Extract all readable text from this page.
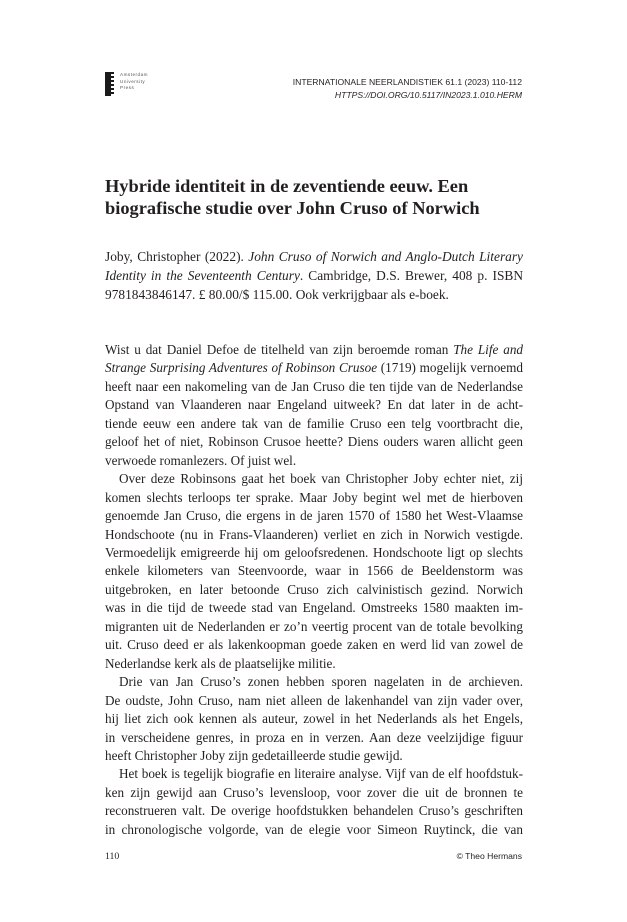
Amsterdam
University
Press
INTERNATIONALE NEERLANDISTIEK 61.1 (2023) 110-112
HTTPS://DOI.ORG/10.5117/IN2023.1.010.HERM
Hybride identiteit in de zeventiende eeuw. Een
biografische studie over John Cruso of Norwich

Joby, Christopher (2022). John Cruso of Norwich and Anglo-Dutch Literary
Identity in the Seventeenth Century. Cambridge, D.S. Brewer, 408 p. ISBN
9781843846147. £ 80.00/$ 115.00. Ook verkrijgbaar als e-boek.

Wist u dat Daniel Defoe de titelheld van zijn beroemde roman The Life and
Strange Surprising Adventures of Robinson Crusoe (1719) mogelijk vernoemd
heeft naar een nakomeling van de Jan Cruso die ten tijde van de Nederlandse
Opstand van Vlaanderen naar Engeland uitweek? En dat later in de acht-
tiende eeuw een andere tak van de familie Cruso een telg voortbracht die,
geloof het of niet, Robinson Crusoe heette? Diens ouders waren allicht geen
verwoede romanlezers. Of juist wel.

Over deze Robinsons gaat het boek van Christopher Joby echter niet, zij
komen slechts terloops ter sprake. Maar Joby begint wel met de hierboven
genoemde Jan Cruso, die ergens in de jaren 1570 of 1580 het West-Vlaamse
Hondschoote (nu in Frans-Vlaanderen) verliet en zich in Norwich vestigde.
Vermoedelijk emigreerde hij om geloofsredenen. Hondschoote ligt op slechts
enkele kilometers van Steenvoorde, waar in 1566 de Beeldenstorm was
uitgebroken, en later betoonde Cruso zich calvinistisch gezind. Norwich
was in die tijd de tweede stad van Engeland. Omstreeks 1580 maakten im-
migranten uit de Nederlanden er zo’n veertig procent van de totale bevolking
uit. Cruso deed er als lakenkoopman goede zaken en werd lid van zowel de
Nederlandse kerk als de plaatselijke militie.

Drie van Jan Cruso’s zonen hebben sporen nagelaten in de archieven.
De oudste, John Cruso, nam niet alleen de lakenhandel van zijn vader over,
hij liet zich ook kennen als auteur, zowel in het Nederlands als het Engels,
in verscheidene genres, in proza en in verzen. Aan deze veelzijdige figuur
heeft Christopher Joby zijn gedetailleerde studie gewijd.

Het boek is tegelijk biografie en literaire analyse. Vijf van de elf hoofdstuk-
ken zijn gewijd aan Cruso’s levensloop, voor zover die uit de bronnen te
reconstrueren valt. De overige hoofdstukken behandelen Cruso’s geschriften
in chronologische volgorde, van de elegie voor Simeon Ruytinck, die van

110	© Theo Hermans
